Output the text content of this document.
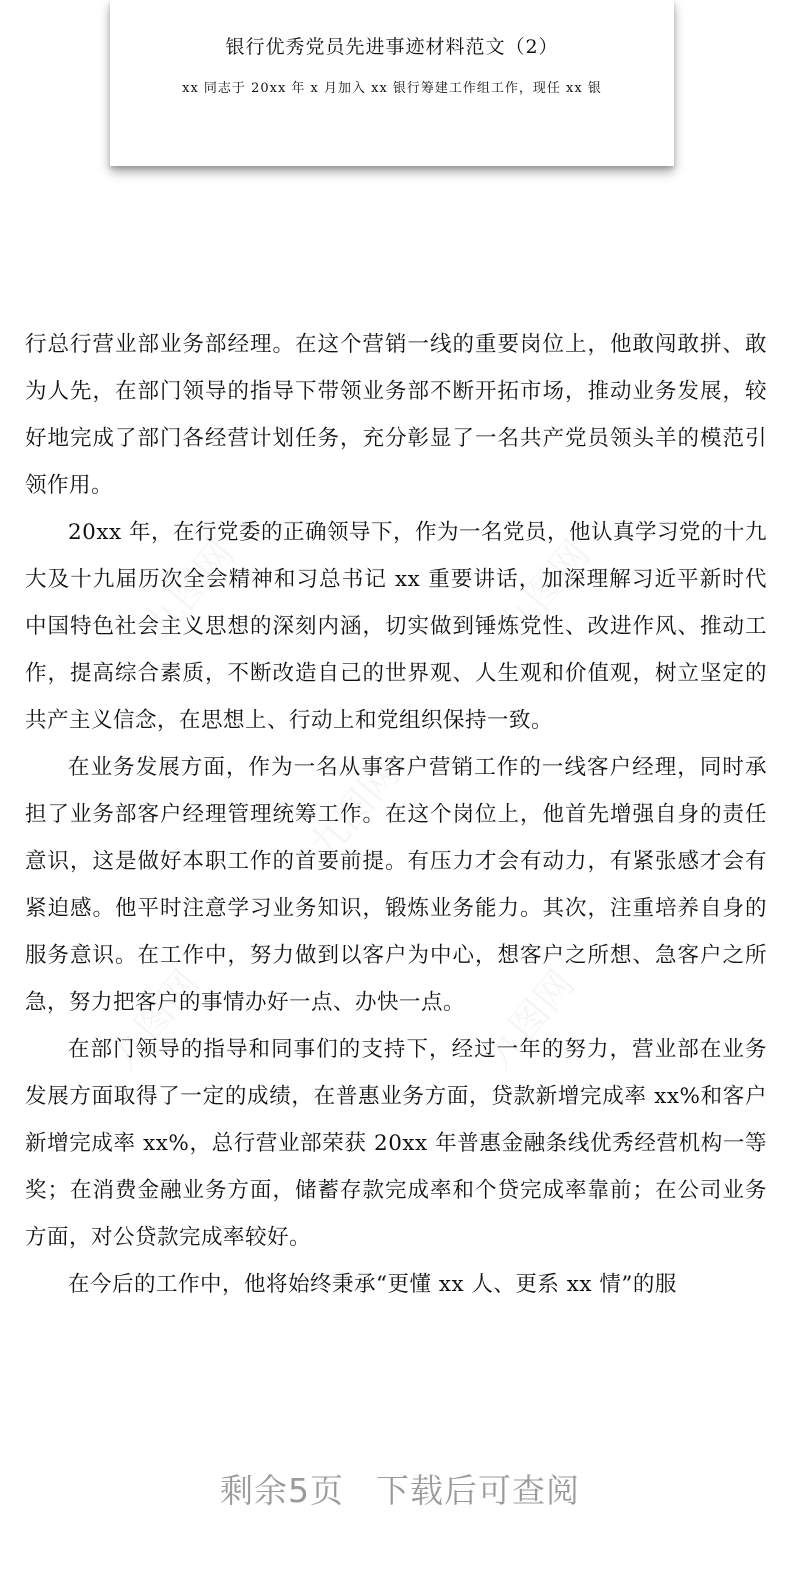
银行优秀党员先进事迹材料范文（2）
xx 同志于 20xx 年 x 月加入 xx 银行筹建工作组工作，现任 xx 银
九图网	九图网
九图网
九图网	九图网

行总行营业部业务部经理。在这个营销一线的重要岗位上，他敢闯敢拼、敢为人先，在部门领导的指导下带领业务部不断开拓市场，推动业务发展，较好地完成了部门各经营计划任务，充分彰显了一名共产党员领头羊的模范引领作用。

20xx 年，在行党委的正确领导下，作为一名党员，他认真学习党的十九大及十九届历次全会精神和习总书记 xx 重要讲话，加深理解习近平新时代中国特色社会主义思想的深刻内涵，切实做到锤炼党性、改进作风、推动工作，提高综合素质，不断改造自己的世界观、人生观和价值观，树立坚定的共产主义信念，在思想上、行动上和党组织保持一致。

在业务发展方面，作为一名从事客户营销工作的一线客户经理，同时承担了业务部客户经理管理统筹工作。在这个岗位上，他首先增强自身的责任意识，这是做好本职工作的首要前提。有压力才会有动力，有紧张感才会有紧迫感。他平时注意学习业务知识，锻炼业务能力。其次，注重培养自身的服务意识。在工作中，努力做到以客户为中心，想客户之所想、急客户之所急，努力把客户的事情办好一点、办快一点。

在部门领导的指导和同事们的支持下，经过一年的努力，营业部在业务发展方面取得了一定的成绩，在普惠业务方面，贷款新增完成率 xx%和客户新增完成率 xx%，总行营业部荣获 20xx 年普惠金融条线优秀经营机构一等奖；在消费金融业务方面，储蓄存款完成率和个贷完成率靠前；在公司业务方面，对公贷款完成率较好。

在今后的工作中，他将始终秉承“更懂 xx 人、更系 xx 情”的服

剩余5页 下载后可查阅
